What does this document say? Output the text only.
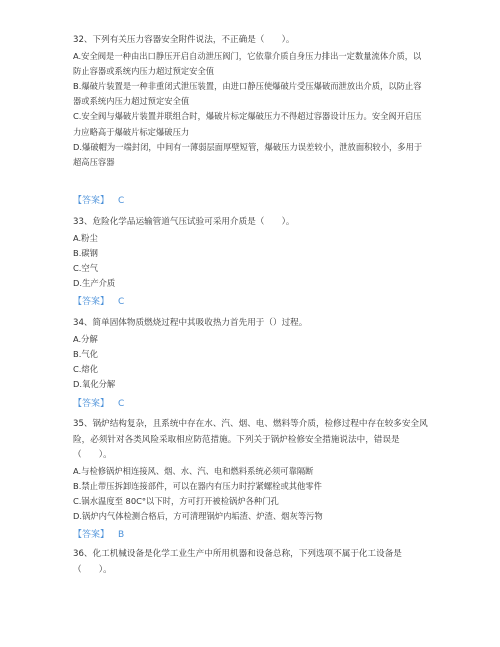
32、下列有关压力容器安全附件说法，不正确是（　　）。

A.安全阀是一种由出口静压开启自动泄压阀门，它依靠介质自身压力排出一定数量流体介质，以防止容器或系统内压力超过预定安全值

B.爆破片装置是一种非重闭式泄压装置，由进口静压使爆破片受压爆破而泄放出介质，以防止容器或系统内压力超过预定安全值

C.安全阀与爆破片装置并联组合时，爆破片标定爆破压力不得超过容器设计压力。安全阀开启压力应略高于爆破片标定爆破压力

D.爆破帽为一端封闭，中间有一薄弱层面厚壁短管，爆破压力误差较小，泄放面积较小，多用于超高压容器

【答案】 C

33、危险化学品运输管道气压试验可采用介质是（　　）。

A.粉尘

B.碳钢

C.空气

D.生产介质

【答案】 C

34、简单固体物质燃烧过程中其吸收热力首先用于（）过程。

A.分解

B.气化

C.熔化

D.氧化分解

【答案】 C

35、锅炉结构复杂，且系统中存在水、汽、烟、电、燃料等介质，检修过程中存在较多安全风险，必须针对各类风险采取相应防范措施。下列关于锅炉检修安全措施说法中，错误是（　　）。

A.与检修锅炉相连接风、烟、水、汽、电和燃料系统必须可靠隔断

B.禁止带压拆卸连接部件，可以在器内有压力时拧紧螺栓或其他零件

C.锅水温度至 80C°以下时，方可打开被检锅炉各种门孔

D.锅炉内气体检测合格后，方可清理锅炉内垢渣、炉渣、烟灰等污物

【答案】 B

36、化工机械设备是化学工业生产中所用机器和设备总称，下列选项不属于化工设备是（　　）。
